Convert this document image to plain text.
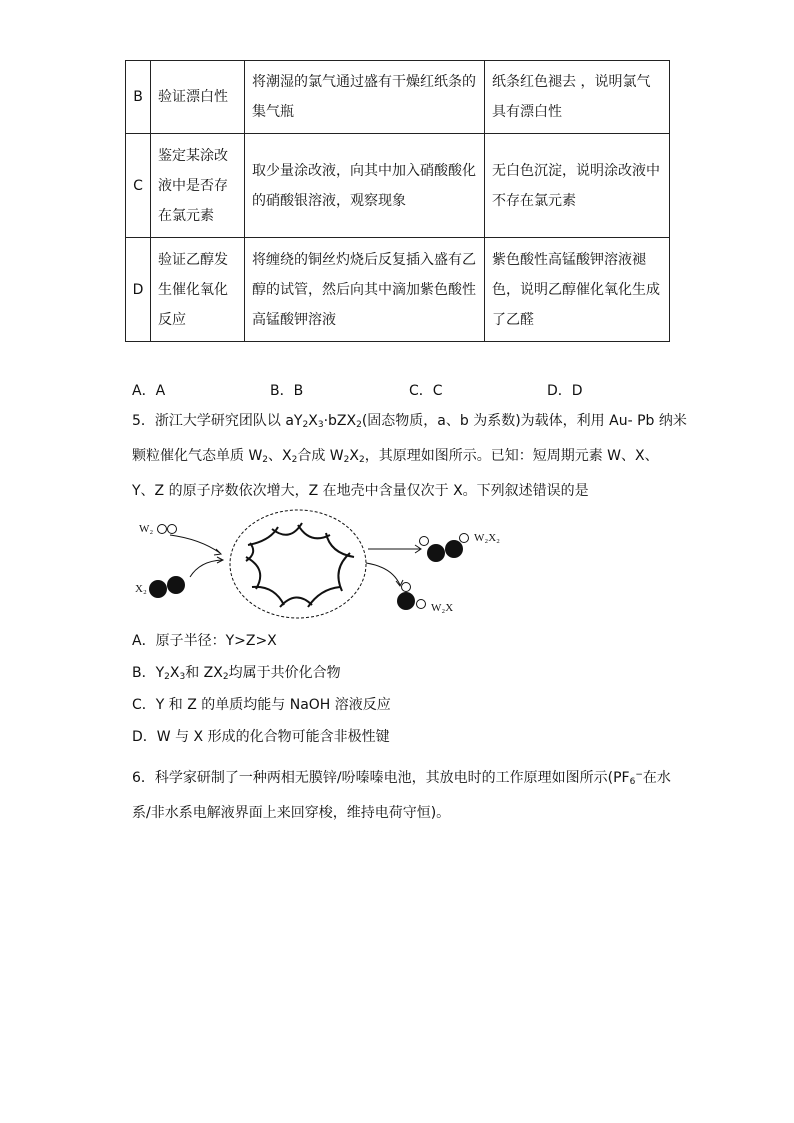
B	验证漂白性	将潮湿的氯气通过盛有干燥红纸条的集气瓶	纸条红色褪去 ，说明氯气具有漂白性
C	鉴定某涂改液中是否存在氯元素	取少量涂改液，向其中加入硝酸酸化的硝酸银溶液，观察现象	无白色沉淀，说明涂改液中不存在氯元素
D	验证乙醇发生催化氧化反应	将缠绕的铜丝灼烧后反复插入盛有乙醇的试管，然后向其中滴加紫色酸性高锰酸钾溶液	紫色酸性高锰酸钾溶液褪色，说明乙醇催化氧化生成了乙醛
A．A	B．B	C．C	D．D
5．浙江大学研究团队以 $aY_2X_3\cdot bZX_2$(固态物质，a、b 为系数)为载体，利用 Au- Pb 纳米
颗粒催化气态单质 $W_2$、$X_2$合成 $W_2X_2$，其原理如图所示。已知：短周期元素 W、X、
Y、Z 的原子序数依次增大，Z 在地壳中含量仅次于 X。下列叙述错误的是
W₂
X₂
W₂X₂
W₂X
A．原子半径：Y>Z>X
B．$Y_2X_3$和 $ZX_2$均属于共价化合物
C．Y 和 Z 的单质均能与 NaOH 溶液反应
D．W 与 X 形成的化合物可能含非极性键
6．科学家研制了一种两相无膜锌/吩嗪嗪电池，其放电时的工作原理如图所示($PF_6^-$在水
系/非水系电解液界面上来回穿梭，维持电荷守恒)。
